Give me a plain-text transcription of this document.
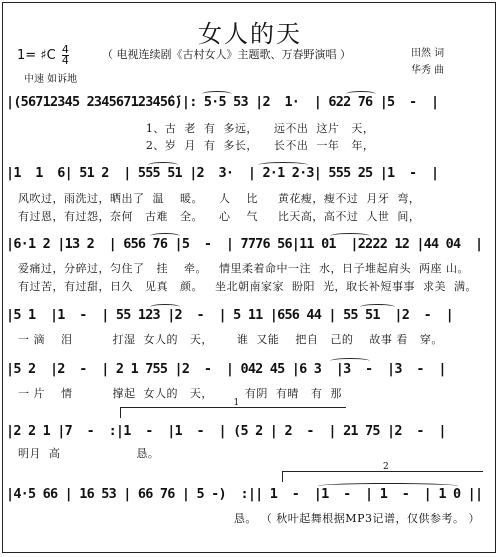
女人的天
（ 电视连续剧《古村女人》主题歌、万春野演唱 ）	田然 词
华秀 曲
1= ♯C $\frac{4}{4}$
中速 如诉地
|(56712345 23456712345̇6̇)|: 5·5 53 |2  1·  | 622 76 |5  -  |
1、古  老  有  多远，    远不出  这片   天，
2、岁  月  有  多长，    长不出  一年   年，
|1  1  6| 51 2  | 555 51 |2  3·  | 2·1 2·3| 555 25 |1  -  |
风吹过，雨洗过，晒出了  温    暖。    人    比     黄花瘦，瘦不过  月牙  弯，
有过恩，有过怨，奈何   古难   全。    心    气     比天高，高不过  人世  间，
|6·1 2 |13 2  | 656 76 |5  -  | 7776 56|11 01  |2222 12 |44 04  |
爱痛过，分碎过，匀住了   挂    牵。   情里柔着命中一注  水，日子堆起肩头  两座 山。
有过苦，有过甜，日久   见真   颜。   坐北朝南家家  盼阳  光，取长补短事事  求美  满。
|5 1  |1  -  | 55 123 |2  -  | 5 11 |656 44 | 55 51  |2  -  |
一 滴    泪          打湿  女人的   天，      谁  又能    把自   己的    故事 看   穿。
|5 2  |2  -  | 2 1 755 |2  -  | 042 45 |6 3  |3  -  |3  -  |
一 片    情          撑起  女人的   天，        有阴  有晴   有  那
1
|2 2 1 |7  -  :|1  -  |1  -  | (5 2 | 2  -  | 21 75 |2  -  |
明月  高                   恳。
2
|4·5 66 | 16 53 | 66 76 | 5 -)  :|| 1  -  |1  -  | 1  -  | 1 0 ||
恳。 （ 秋叶起舞根据MP3记谱，仅供参考。 ）
